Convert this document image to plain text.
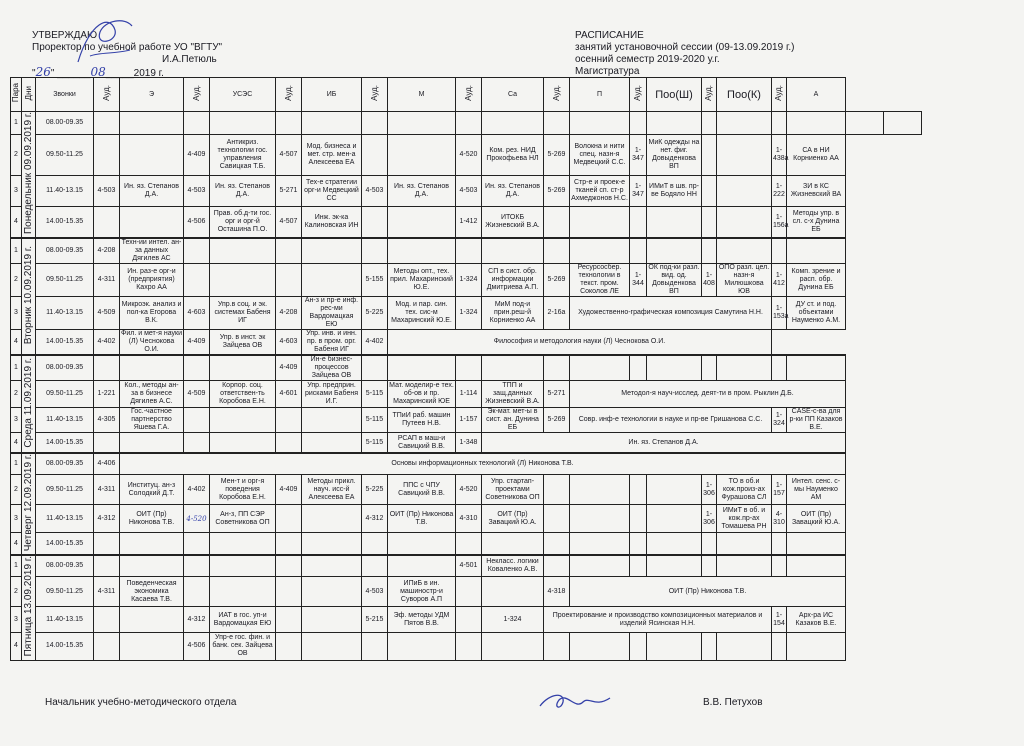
УТВЕРЖДАЮ
Проректор по учебной работе УО "ВГТУ"
И.А.Петюль
"26" ______08_____2019 г.
РАСПИСАНИЕ
занятий установочной сессии (09-13.09.2019 г.)
осенний семестр 2019-2020 у.г.
Магистратура
Пара	Дни	Звонки	Ауд.	Э	Ауд.	УСЭС	Ауд.	ИБ	Ауд.	М	Ауд.	Са	Ауд.	П	Ауд.	Поо(Ш)	Ауд.	Поо(К)	Ауд.	А		
1	Понедельник 09.09.2019 г.	08.00-09.35																				
2		09.50-11.25			4-409	Антикриз. технологии гос. управления Савицкая Т.Б.	4-507	Мод. бизнеса и мет. стр. мен-а Алексеева ЕА			4-520	Ком. рез. НИД Прокофьева НЛ	5-269	Волокна и нити спец. назн-я Медвецкий С.С.	1-347	МиК одежды на нет. фиг. Довыденкова ВП			1-438а	СА в НИ Корниенко АА		
3		11.40-13.15	4-503	Ин. яз. Степанов Д.А.	4-503	Ин. яз. Степанов Д.А.	5-271	Тех-е стратегии орг-и Медвецкий СС	4-503	Ин. яз. Степанов Д.А.	4-503	Ин. яз. Степанов Д.А.	5-269	Стр-е и проек-е тканей сп. ст-р Ахмеджонов Н.С.	1-347	ИМиТ в шв. пр-ве Бодяло НН			1-222	ЗИ в КС Жизневский ВА		
4		14.00-15.35			4-506	Прав. об.д-ти гос. орг и орг-й Осташина П.О.	4-507	Инж. эк-ка Калиновская ИН			1-412	ИТОКБ Жизневский В.А.							1-156а	Методы упр. в сл. с-х Дунина ЕБ		
1	Вторник 10.09.2019 г.	08.00-09.35	4-208	Техн-ии интел. ан-за данных Дягилев АС																		
2		09.50-11.25	4-311	Ин. раз-е орг-и (предприятия) Кахро АА					5-155	Методы опт., тех. прил. Махаринский Ю.Е.	1-324	СП в сист. обр. информации Дмитриева А.П.	5-269	Ресурсосбер. технологии в текст. пром. Соколов ЛЕ	1-344	ОК под-ки разл. вид. од. Довыденкова ВП	1-408	ОПО разл. цел. назн-я Милюшкова ЮВ	1-412	Комп. зрение и расп. обр. Дунина ЕБ		
3		11.40-13.15	4-509	Микроэк. анализ и пол-ка Егорова В.К.	4-603	Упр.в соц. и эк. системах Бабеня ИГ	4-208	Ан-з и пр-е инф. рес-ми Вардомацкая ЕЮ	5-225	Мод. и пар. син. тех. сис-м Махаринский Ю.Е.	1-324	МиМ под-и прин.реш-й Корниенко АА	2-16а	Художественно-графическая композиция Самутина Н.Н.					1-153а	ДУ ст. и под. объектами Науменко А.М.		
4		14.00-15.35	4-402	Фил. и мет-я науки (Л) Чеснокова О.И.	4-409	Упр. в инст. эк Зайцева ОВ	4-603	Упр. инв. и инн. пр. в пром. орг. Бабеня ИГ	4-402	Философия и методология науки (Л) Чеснокова О.И.												
1	Среда 11.09.2019 г.	08.00-09.35					4-409	Ин-е бизнес-процессов Зайцева ОВ														
2		09.50-11.25	1-221	Кол., методы ан-за в бизнесе Дягилев А.С.	4-509	Корпор. соц. ответствен-ть Коробова Е.Н.	4-601	Упр. предприн. рисками Бабеня И.Г.	5-115	Мат. моделир-е тех. об-ов и пр. Махаринский ЮЕ	1-114	ТПП и защ.данных Жизневский В.А.	5-271	Методол-я науч-исслед. деят-ти в пром. Рыклин Д.Б.								
3		11.40-13.15	4-305	Гос.-частное партнерство Яшева Г.А.					5-115	ТПиИ раб. машин Путеев Н.В.	1-157	Эк-мат. мет-ы в сист. ан. Дунина ЕБ	5-269	Совр. инф-е технологии в науке и пр-ве Гришанова С.С.					1-324	CASE-с-ва для р-ки ПП Казаков В.Е.		
4		14.00-15.35							5-115	РСАП в маш-и Савицкий В.В.	1-348	Ин. яз. Степанов Д.А.										
1	Четверг 12.09.2019 г.	08.00-09.35	4-406	Основы информационных технологий (Л) Никонова Т.В.																		
2		09.50-11.25	4-311	Институц. ан-з Солодкий Д.Т.	4-402	Мен-т и орг-я поведения Коробова Е.Н.	4-409	Методы прикл. науч. исс-й Алексеева ЕА	5-225	ППС с ЧПУ Савицкий В.В.	4-520	Упр. стартап-проектами Советникова ОП					1-306	ТО в об.и кож.произ-ах Фурашова СЛ	1-157	Интел. сенс. с-мы Науменко АМ		
3		11.40-13.15	4-312	ОИТ (Пр) Никонова Т.В.	4-520	Ан-з, ПП СЭР Советникова ОП			4-312	ОИТ (Пр) Никонова Т.В.	4-310	ОИТ (Пр) Завацкий Ю.А.					1-306	ИМиТ в об. и кож.пр-ах Томашева РН	4-310	ОИТ (Пр) Завацкий Ю.А.		
4		14.00-15.35																				
1	Пятница 13.09.2019 г.	08.00-09.35									4-501	Некласс. логики Коваленко А.В.										
2		09.50-11.25	4-311	Поведенческая экономика Касаева Т.В.					4-503	ИПиБ в ин. машиностр-и Суворов А.П			4-318	ОИТ (Пр) Никонова Т.В.								
3		11.40-13.15			4-312	ИАТ в гос. уп-и Вардомацкая ЕЮ			5-215	Эф. методы УДМ Пятов В.В.		1-324	Проектирование и производство композиционных материалов и изделий Ясинская Н.Н.						1-154	Арх-ра ИС Казаков В.Е.		
4		14.00-15.35			4-506	Упр-е гос. фин. и банк. сек. Зайцева ОВ																
Начальник учебно-методического отдела	В.В. Петухов
